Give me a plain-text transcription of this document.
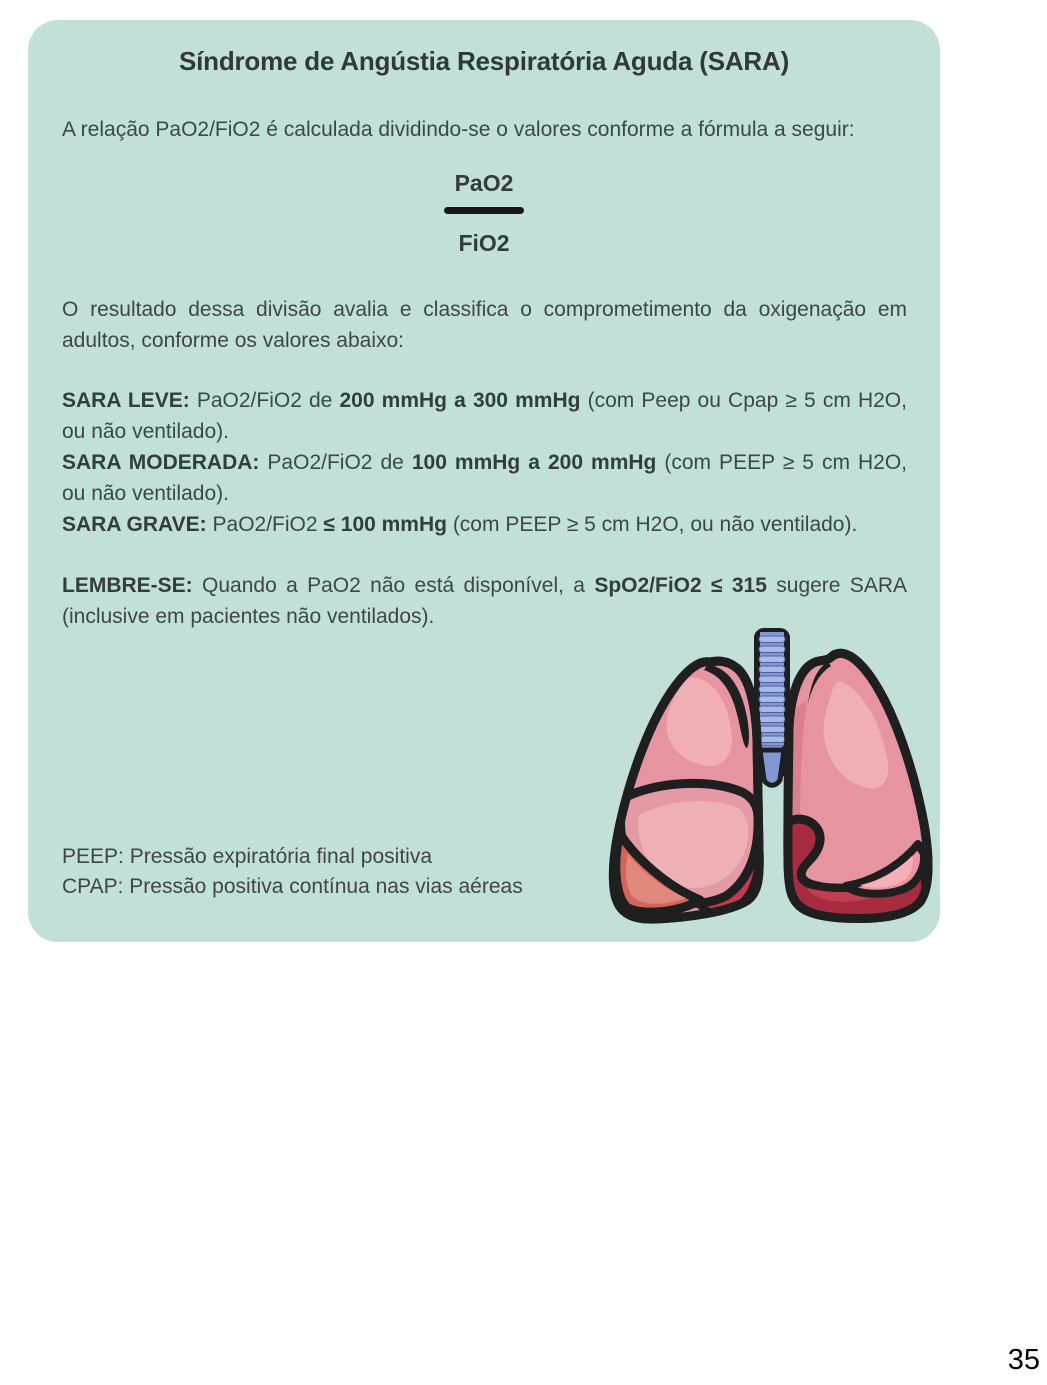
Síndrome de Angústia Respiratória Aguda (SARA)

A relação PaO2/FiO2 é calculada dividindo-se o valores conforme a fórmula a seguir:

PaO2
FiO2
O resultado dessa divisão avalia e classifica o comprometimento da oxigenação em
adultos, conforme os valores abaixo:
SARA LEVE: PaO2/FiO2 de 200 mmHg a 300 mmHg (com Peep ou Cpap ≥ 5 cm H2O,
ou não ventilado).
SARA MODERADA: PaO2/FiO2 de 100 mmHg a 200 mmHg (com PEEP ≥ 5 cm H2O,
ou não ventilado).
SARA GRAVE: PaO2/FiO2 ≤ 100 mmHg (com PEEP ≥ 5 cm H2O, ou não ventilado).
LEMBRE-SE: Quando a PaO2 não está disponível, a SpO2/FiO2 ≤ 315 sugere SARA
(inclusive em pacientes não ventilados).
PEEP: Pressão expiratória final positiva
CPAP: Pressão positiva contínua nas vias aéreas
35
